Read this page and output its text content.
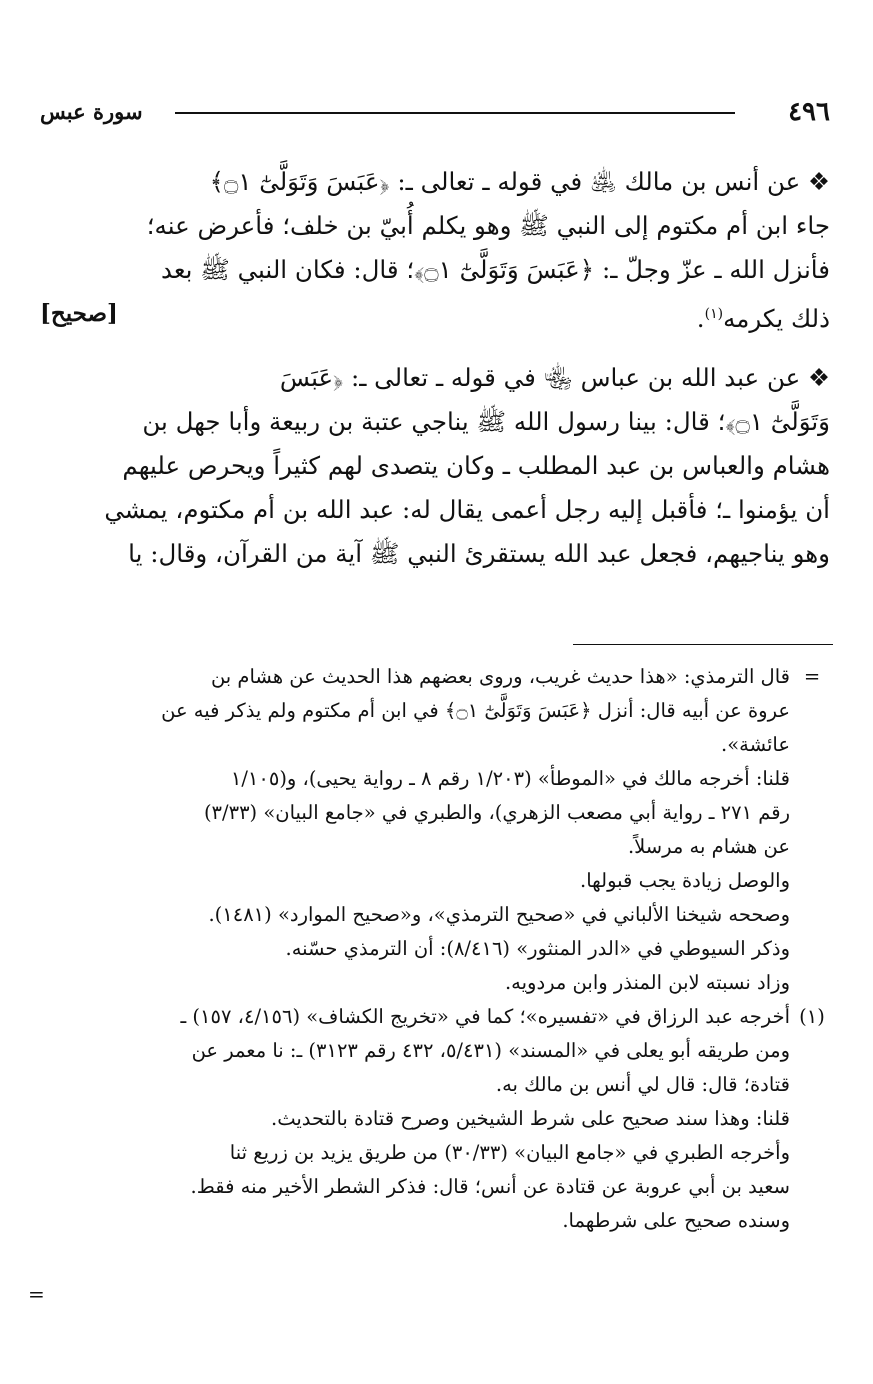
٤٩٦
سورة عبس

❖ عن أنس بن مالك ﵁ في قوله ـ تعالى ـ: ﴿عَبَسَ وَتَوَلَّىٰٓ ۝١﴾
جاء ابن أم مكتوم إلى النبي ﷺ وهو يكلم أُبيّ بن خلف؛ فأعرض عنه؛
فأنزل الله ـ عزّ وجلّ ـ: ﴿عَبَسَ وَتَوَلَّىٰٓ ۝١﴾؛ قال: فكان النبي ﷺ بعد
ذلك يكرمه$^{(١)}$.
[صحيح]

❖ عن عبد الله بن عباس ﵄ في قوله ـ تعالى ـ: ﴿عَبَسَ
وَتَوَلَّىٰٓ ۝١﴾؛ قال: بينا رسول الله ﷺ يناجي عتبة بن ربيعة وأبا جهل بن
هشام والعباس بن عبد المطلب ـ وكان يتصدى لهم كثيراً ويحرص عليهم
أن يؤمنوا ـ؛ فأقبل إليه رجل أعمى يقال له: عبد الله بن أم مكتوم، يمشي
وهو يناجيهم، فجعل عبد الله يستقرئ النبي ﷺ آية من القرآن، وقال: يا

=
قال الترمذي: «هذا حديث غريب، وروى بعضهم هذا الحديث عن هشام بن
عروة عن أبيه قال: أنزل ﴿عَبَسَ وَتَوَلَّىٰٓ ۝١﴾ في ابن أم مكتوم ولم يذكر فيه عن
عائشة».
قلنا: أخرجه مالك في «الموطأ» (١/٢٠٣ رقم ٨ ـ رواية يحيى)، و(١/١٠٥
رقم ٢٧١ ـ رواية أبي مصعب الزهري)، والطبري في «جامع البيان» (٣/٣٣)
عن هشام به مرسلاً.
والوصل زيادة يجب قبولها.
وصححه شيخنا الألباني في «صحيح الترمذي»، و«صحيح الموارد» (١٤٨١).
وذكر السيوطي في «الدر المنثور» (٨/٤١٦): أن الترمذي حسّنه.
وزاد نسبته لابن المنذر وابن مردويه.
(١)
أخرجه عبد الرزاق في «تفسيره»؛ كما في «تخريج الكشاف» (٤/١٥٦، ١٥٧) ـ
ومن طريقه أبو يعلى في «المسند» (٥/٤٣١، ٤٣٢ رقم ٣١٢٣) ـ: نا معمر عن
قتادة؛ قال: قال لي أنس بن مالك به.
قلنا: وهذا سند صحيح على شرط الشيخين وصرح قتادة بالتحديث.
وأخرجه الطبري في «جامع البيان» (٣٠/٣٣) من طريق يزيد بن زريع ثنا
سعيد بن أبي عروبة عن قتادة عن أنس؛ قال: فذكر الشطر الأخير منه فقط.
وسنده صحيح على شرطهما.
=
